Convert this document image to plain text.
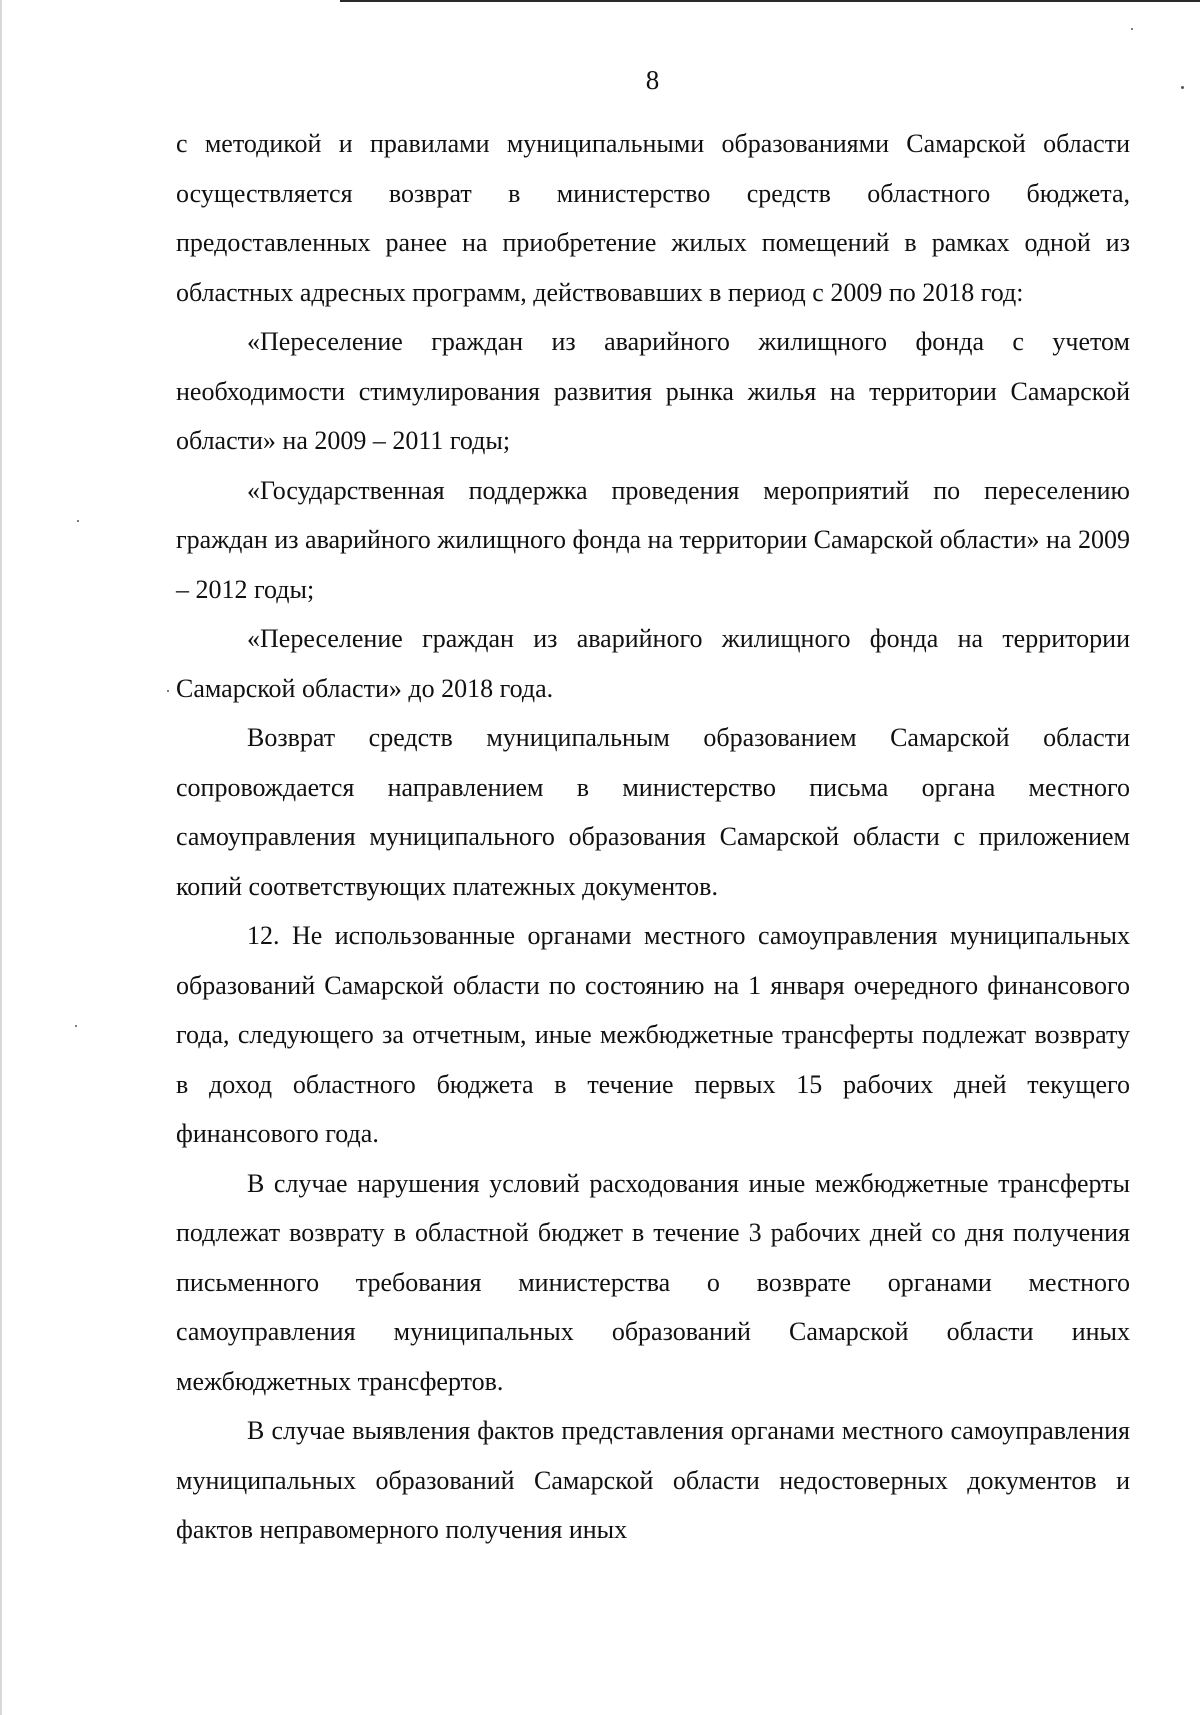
8

с методикой и правилами муниципальными образованиями Самарской области осуществляется возврат в министерство средств областного бюджета, предоставленных ранее на приобретение жилых помещений в рамках одной из областных адресных программ, действовавших в период с 2009 по 2018 год:

«Переселение граждан из аварийного жилищного фонда с учетом необходимости стимулирования развития рынка жилья на территории Самарской области» на 2009 – 2011 годы;

«Государственная поддержка проведения мероприятий по переселению граждан из аварийного жилищного фонда на территории Самарской области» на 2009 – 2012 годы;

«Переселение граждан из аварийного жилищного фонда на территории Самарской области» до 2018 года.

Возврат средств муниципальным образованием Самарской области сопровождается направлением в министерство письма органа местного самоуправления муниципального образования Самарской области с приложением копий соответствующих платежных документов.

12. Не использованные органами местного самоуправления муниципальных образований Самарской области по состоянию на 1 января очередного финансового года, следующего за отчетным, иные межбюджетные трансферты подлежат возврату в доход областного бюджета в течение первых 15 рабочих дней текущего финансового года.

В случае нарушения условий расходования иные межбюджетные трансферты подлежат возврату в областной бюджет в течение 3 рабочих дней со дня получения письменного требования министерства о возврате органами местного самоуправления муниципальных образований Самарской области иных межбюджетных трансфертов.

В случае выявления фактов представления органами местного самоуправления муниципальных образований Самарской области недостоверных документов и фактов неправомерного получения иных
